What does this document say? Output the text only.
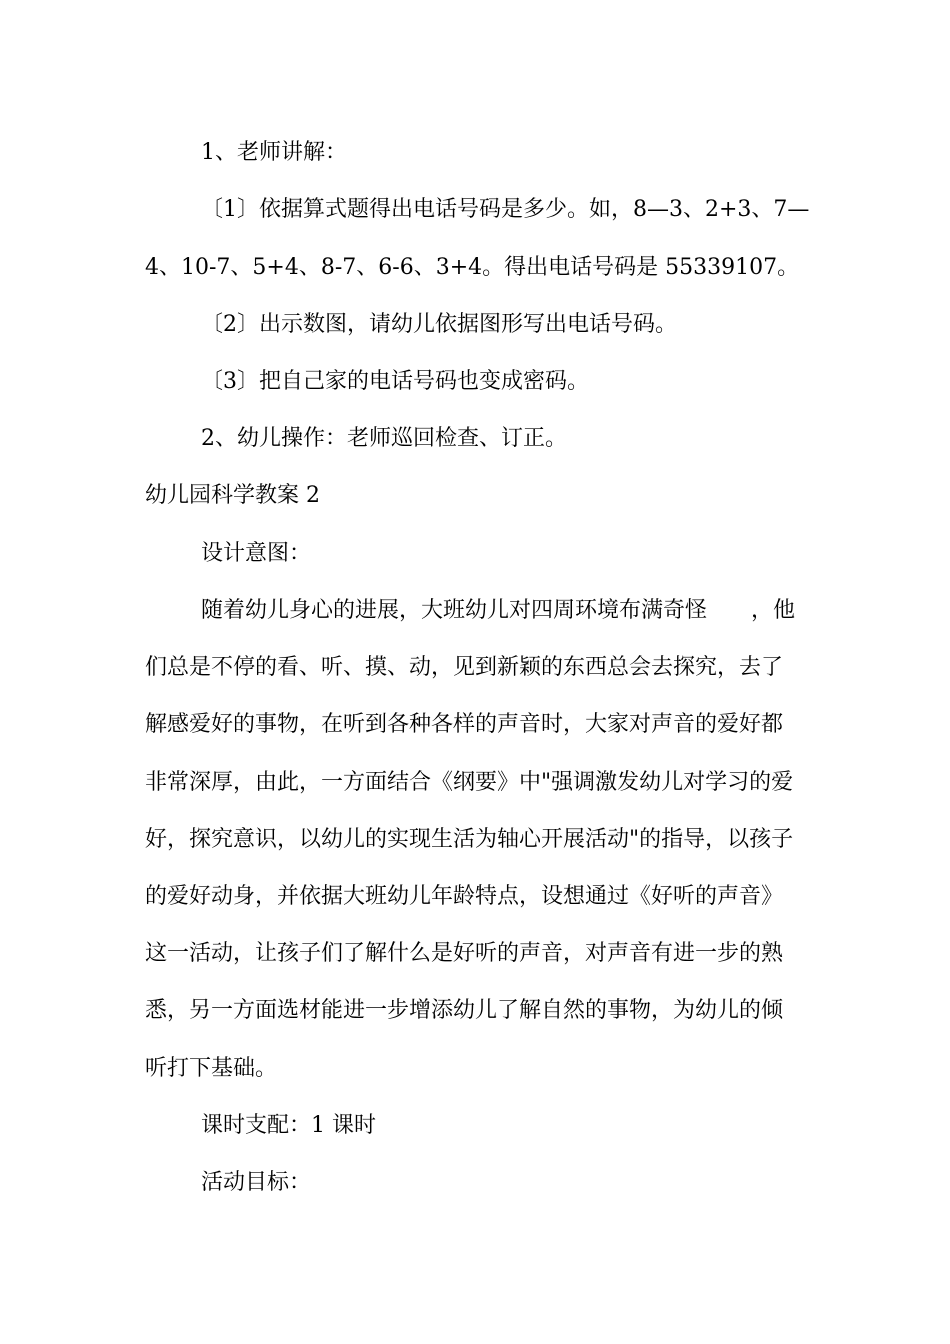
1、老师讲解：
〔1〕依据算式题得出电话号码是多少。如，8—3、2+3、7—
4、10-7、5+4、8-7、6-6、3+4。得出电话号码是 55339107。
〔2〕出示数图，请幼儿依据图形写出电话号码。
〔3〕把自己家的电话号码也变成密码。
2、幼儿操作：老师巡回检查、订正。
幼儿园科学教案 2
设计意图：
随着幼儿身心的进展，大班幼儿对四周环境布满奇怪　　，他
们总是不停的看、听、摸、动，见到新颖的东西总会去探究，去了
解感爱好的事物，在听到各种各样的声音时，大家对声音的爱好都
非常深厚，由此，一方面结合《纲要》中"强调激发幼儿对学习的爱
好，探究意识，以幼儿的实现生活为轴心开展活动"的指导，以孩子
的爱好动身，并依据大班幼儿年龄特点，设想通过《好听的声音》
这一活动，让孩子们了解什么是好听的声音，对声音有进一步的熟
悉，另一方面选材能进一步增添幼儿了解自然的事物，为幼儿的倾
听打下基础。
课时支配：1 课时
活动目标：
